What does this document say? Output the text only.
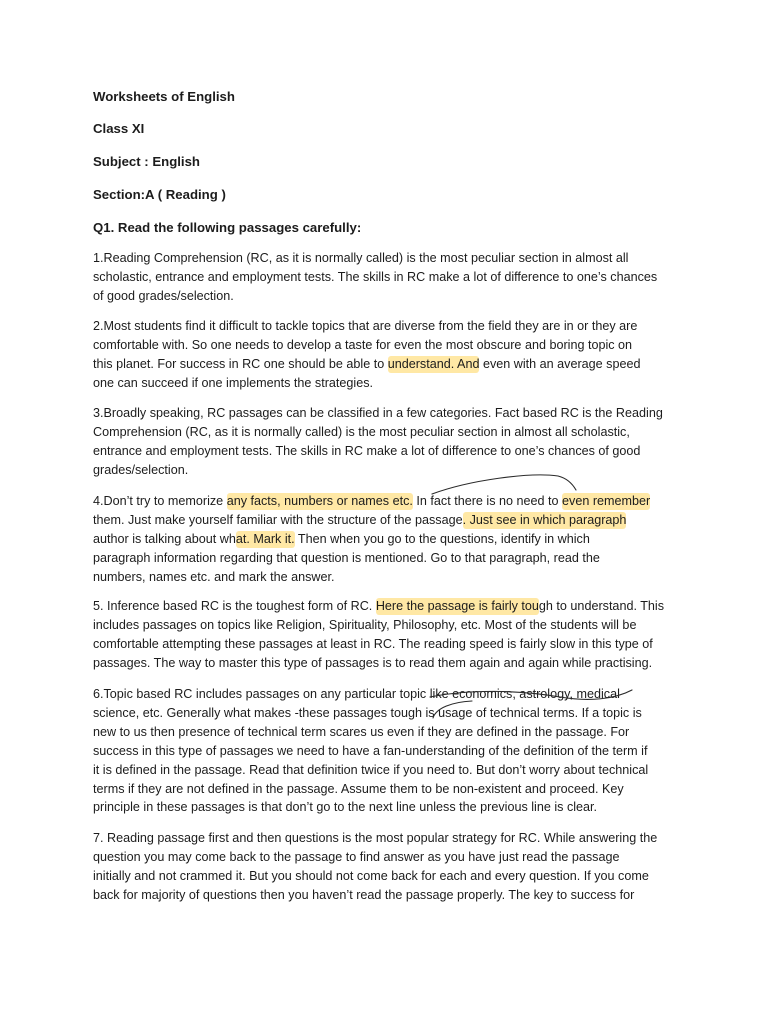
Worksheets of English
Class XI
Subject : English
Section:A ( Reading )
Q1. Read the following passages carefully:
1.Reading Comprehension (RC, as it is normally called) is the most peculiar section in almost all
scholastic, entrance and employment tests. The skills in RC make a lot of difference to one’s chances
of good grades/selection.
2.Most students find it difficult to tackle topics that are diverse from the field they are in or they are
comfortable with. So one needs to develop a taste for even the most obscure and boring topic on
this planet. For success in RC one should be able to understand. And even with an average speed
one can succeed if one implements the strategies.
3.Broadly speaking, RC passages can be classified in a few categories. Fact based RC is the Reading
Comprehension (RC, as it is normally called) is the most peculiar section in almost all scholastic,
entrance and employment tests. The skills in RC make a lot of difference to one’s chances of good
grades/selection.
4.Don’t try to memorize any facts, numbers or names etc. In fact there is no need to even remember
them. Just make yourself familiar with the structure of the passage. Just see in which paragraph
author is talking about what. Mark it. Then when you go to the questions, identify in which
paragraph information regarding that question is mentioned. Go to that paragraph, read the
numbers, names etc. and mark the answer.
5. Inference based RC is the toughest form of RC. Here the passage is fairly tough to understand. This
includes passages on topics like Religion, Spirituality, Philosophy, etc. Most of the students will be
comfortable attempting these passages at least in RC. The reading speed is fairly slow in this type of
passages. The way to master this type of passages is to read them again and again while practising.
6.Topic based RC includes passages on any particular topic like economics, astrology, medical
science, etc. Generally what makes -these passages tough is usage of technical terms. If a topic is
new to us then presence of technical term scares us even if they are defined in the passage. For
success in this type of passages we need to have a fan-understanding of the definition of the term if
it is defined in the passage. Read that definition twice if you need to. But don’t worry about technical
terms if they are not defined in the passage. Assume them to be non-existent and proceed. Key
principle in these passages is that don’t go to the next line unless the previous line is clear.
7. Reading passage first and then questions is the most popular strategy for RC. While answering the
question you may come back to the passage to find answer as you have just read the passage
initially and not crammed it. But you should not come back for each and every question. If you come
back for majority of questions then you haven’t read the passage properly. The key to success for
